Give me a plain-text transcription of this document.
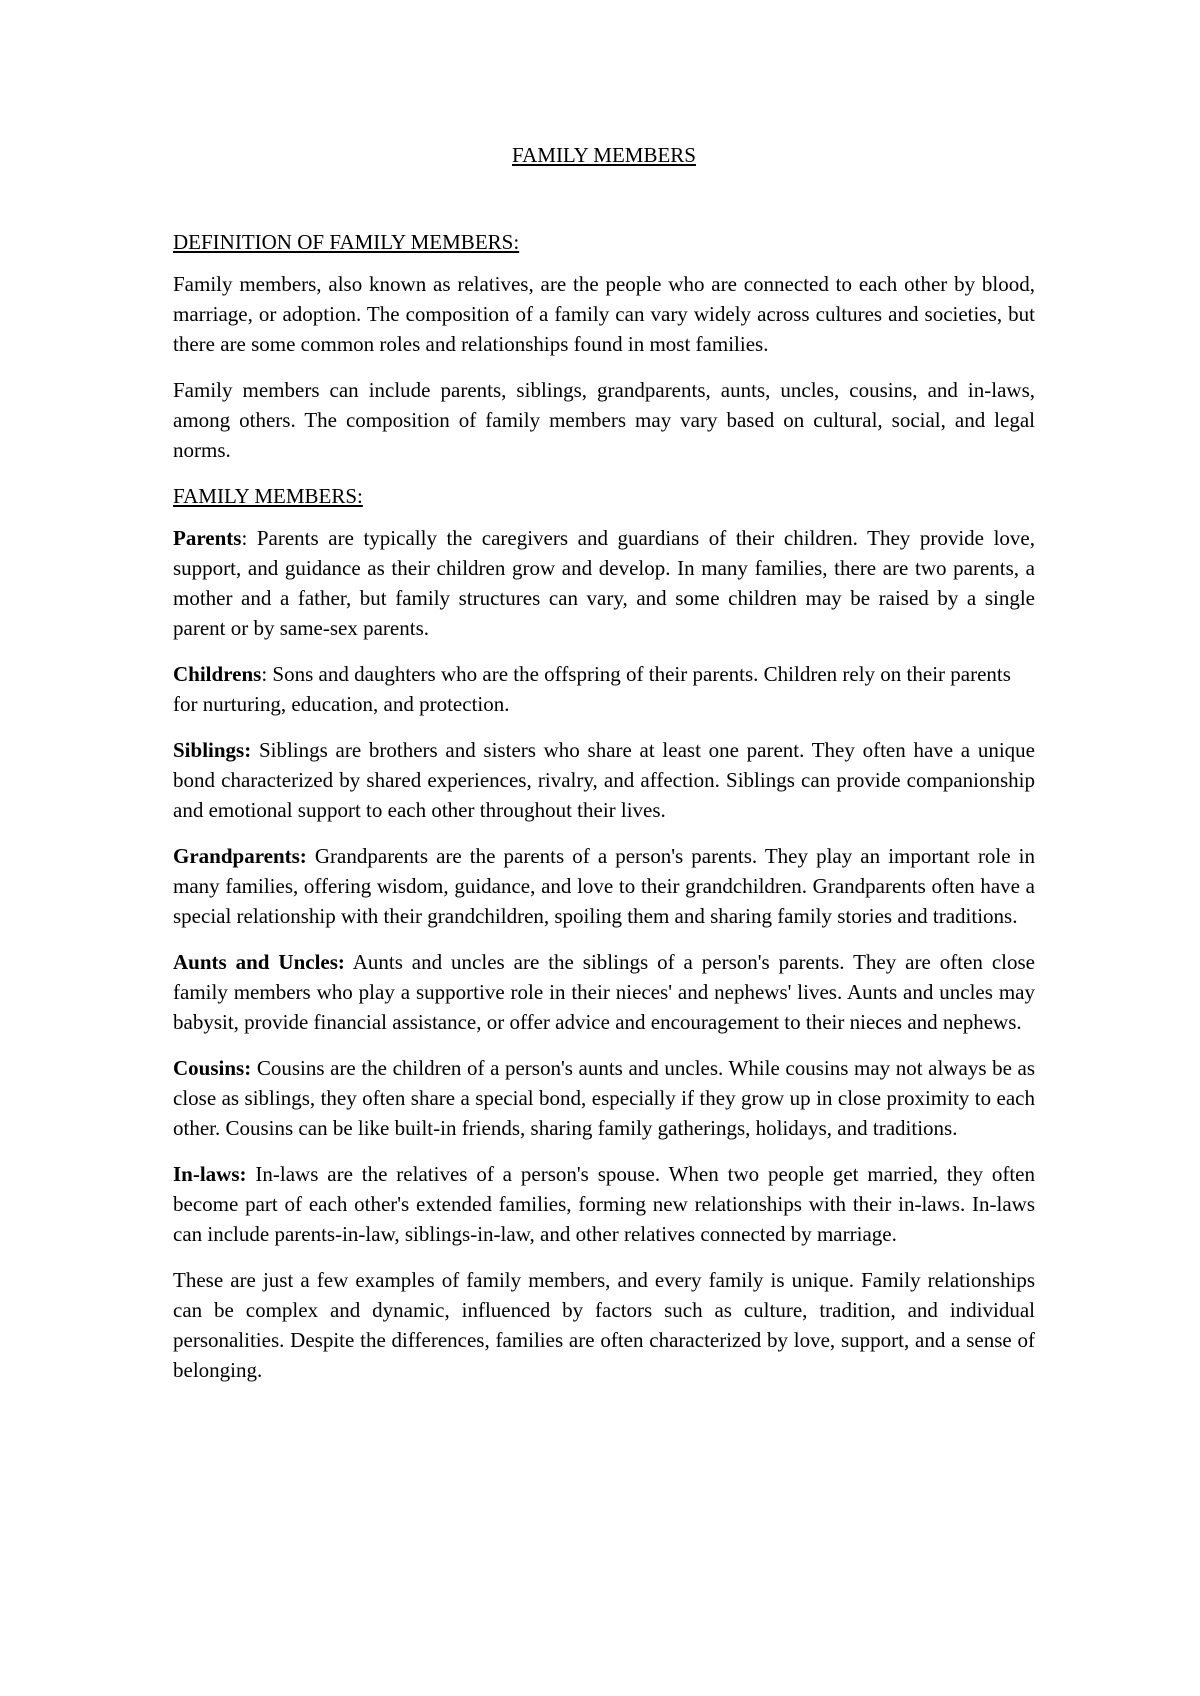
FAMILY MEMBERS
DEFINITION OF FAMILY MEMBERS:

Family members, also known as relatives, are the people who are connected to each other by blood, marriage, or adoption. The composition of a family can vary widely across cultures and societies, but there are some common roles and relationships found in most families.

Family members can include parents, siblings, grandparents, aunts, uncles, cousins, and in-laws, among others. The composition of family members may vary based on cultural, social, and legal norms.

FAMILY MEMBERS:

Parents: Parents are typically the caregivers and guardians of their children. They provide love, support, and guidance as their children grow and develop. In many families, there are two parents, a mother and a father, but family structures can vary, and some children may be raised by a single parent or by same-sex parents.

Childrens: Sons and daughters who are the offspring of their parents. Children rely on their parents for nurturing, education, and protection.

Siblings: Siblings are brothers and sisters who share at least one parent. They often have a unique bond characterized by shared experiences, rivalry, and affection. Siblings can provide companionship and emotional support to each other throughout their lives.

Grandparents: Grandparents are the parents of a person's parents. They play an important role in many families, offering wisdom, guidance, and love to their grandchildren. Grandparents often have a special relationship with their grandchildren, spoiling them and sharing family stories and traditions.

Aunts and Uncles: Aunts and uncles are the siblings of a person's parents. They are often close family members who play a supportive role in their nieces' and nephews' lives. Aunts and uncles may babysit, provide financial assistance, or offer advice and encouragement to their nieces and nephews.

Cousins: Cousins are the children of a person's aunts and uncles. While cousins may not always be as close as siblings, they often share a special bond, especially if they grow up in close proximity to each other. Cousins can be like built-in friends, sharing family gatherings, holidays, and traditions.

In-laws: In-laws are the relatives of a person's spouse. When two people get married, they often become part of each other's extended families, forming new relationships with their in-laws. In-laws can include parents-in-law, siblings-in-law, and other relatives connected by marriage.

These are just a few examples of family members, and every family is unique. Family relationships can be complex and dynamic, influenced by factors such as culture, tradition, and individual personalities. Despite the differences, families are often characterized by love, support, and a sense of belonging.
